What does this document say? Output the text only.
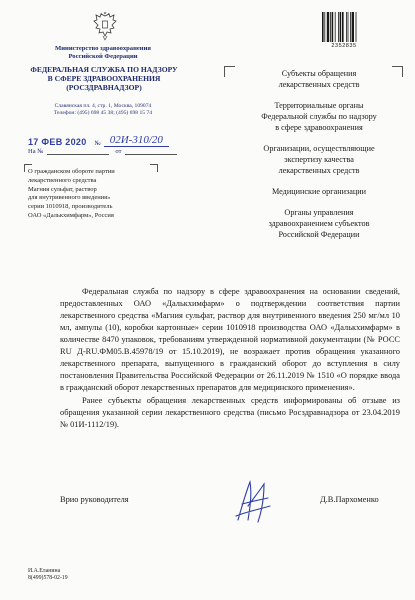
Министерство здравоохранения
Российской Федерации
ФЕДЕРАЛЬНАЯ СЛУЖБА ПО НАДЗОРУ
В СФЕРЕ ЗДРАВООХРАНЕНИЯ
(РОСЗДРАВНАДЗОР)
Славянская пл. 4, стр. 1, Москва, 109074
Телефон: (495) 698 45 38; (495) 698 15 74
17 ФЕВ 2020 № 02И-310/20
На №	от
О гражданском обороте партии
лекарственного средства
Магния сульфат, раствор
для внутривенного введения»
серии 1010918, производитель
ОАО «Далькхимфарм», Россия
2352835
Субъекты обращения
лекарственных средств
Территориальные органы
Федеральной службы по надзору
в сфере здравоохранения
Организации, осуществляющие
экспертизу качества
лекарственных средств
Медицинские организации
Органы управления
здравоохранением субъектов
Российской Федерации

Федеральная служба по надзору в сфере здравоохранения на основании сведений, предоставленных ОАО «Далькхимфарм» о подтверждении соответствия партии лекарственного средства «Магния сульфат, раствор для внутривенного введения 250 мг/мл 10 мл, ампулы (10), коробки картонные» серии 1010918 производства ОАО «Далькхимфарм» в количестве 8470 упаковок, требованиям утвержденной нормативной документации (№ РОСС RU Д-RU.ФМ05.В.45978/19 от 15.10.2019), не возражает против обращения указанного лекарственного препарата, выпущенного в гражданский оборот до вступления в силу постановления Правительства Российской Федерации от 26.11.2019 № 1510 «О порядке ввода в гражданский оборот лекарственных препаратов для медицинского применения».

Ранее субъекты обращения лекарственных средств информированы об отзыве из обращения указанной серии лекарственного средства (письмо Росздравнадзора от 23.04.2019 № 01И-1112/19).

Врио руководителя	Д.В.Пархоменко
И.А.Еланина
8(499)578-02-19
